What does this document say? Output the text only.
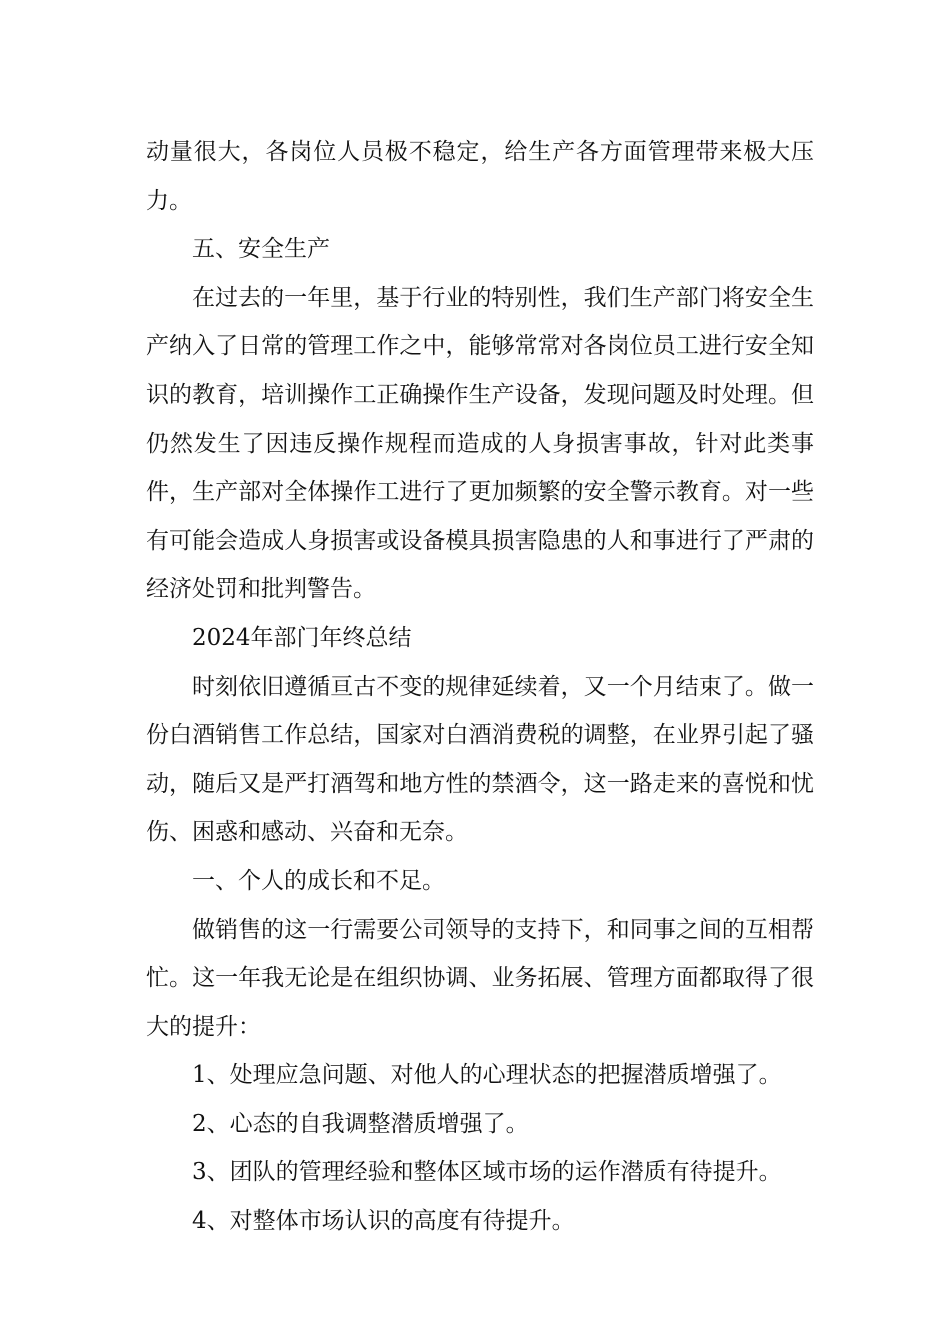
动量很大，各岗位人员极不稳定，给生产各方面管理带来极大压力。

五、安全生产

在过去的一年里，基于行业的特别性，我们生产部门将安全生产纳入了日常的管理工作之中，能够常常对各岗位员工进行安全知识的教育，培训操作工正确操作生产设备，发现问题及时处理。但仍然发生了因违反操作规程而造成的人身损害事故，针对此类事件，生产部对全体操作工进行了更加频繁的安全警示教育。对一些有可能会造成人身损害或设备模具损害隐患的人和事进行了严肃的经济处罚和批判警告。

2024年部门年终总结

时刻依旧遵循亘古不变的规律延续着，又一个月结束了。做一份白酒销售工作总结，国家对白酒消费税的调整，在业界引起了骚动，随后又是严打酒驾和地方性的禁酒令，这一路走来的喜悦和忧伤、困惑和感动、兴奋和无奈。

一、个人的成长和不足。

做销售的这一行需要公司领导的支持下，和同事之间的互相帮忙。这一年我无论是在组织协调、业务拓展、管理方面都取得了很大的提升：

1、处理应急问题、对他人的心理状态的把握潜质增强了。

2、心态的自我调整潜质增强了。

3、团队的管理经验和整体区域市场的运作潜质有待提升。

4、对整体市场认识的高度有待提升。
